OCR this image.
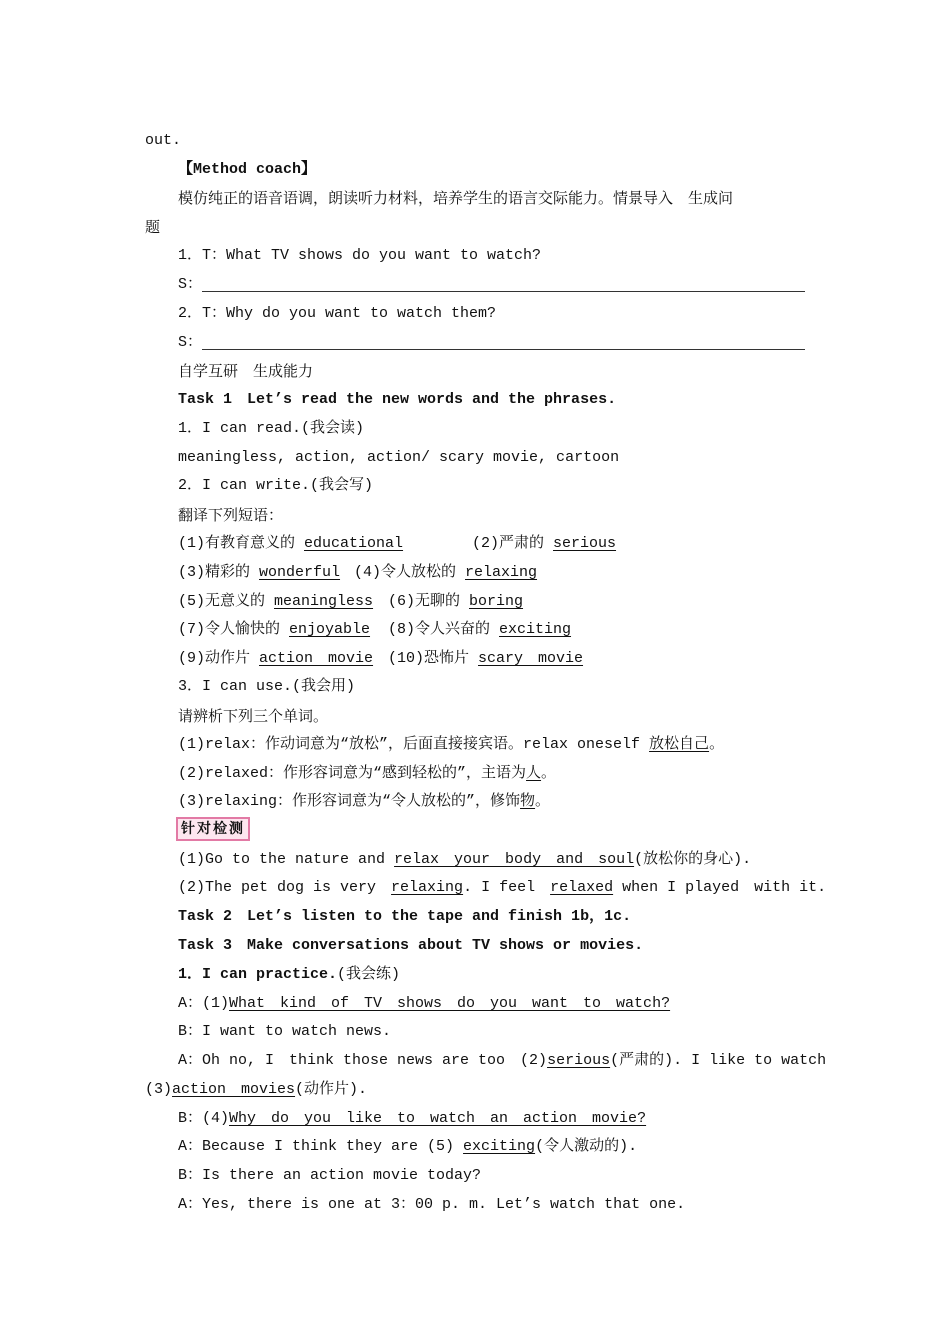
out.
【Method coach】
模仿纯正的语音语调，朗读听力材料，培养学生的语言交际能力。情景导入　生成问
题
1．T：What TV shows do you want to watch?
S：
2．T：Why do you want to watch them?
S：
自学互研　生成能力
Task 1　Let’s read the new words and the phrases.
1．I can read.(我会读)
meaningless, action, action/ scary movie, cartoon
2．I can write.(我会写)
翻译下列短语：
(1)有教育意义的 educational	(2)严肃的 serious
(3)精彩的 wonderful (4)令人放松的 relaxing
(5)无意义的 meaningless (6)无聊的 boring
(7)令人愉快的 enjoyable (8)令人兴奋的 exciting
(9)动作片 action　movie (10)恐怖片 scary　movie
3．I can use.(我会用)
请辨析下列三个单词。
(1)relax：作动词意为“放松”，后面直接接宾语。relax oneself 放松自己。
(2)relaxed：作形容词意为“感到轻松的”，主语为人。
(3)relaxing：作形容词意为“令人放松的”，修饰物。
针对检测
(1)Go to the nature and relax　your　body　and　soul(放松你的身心).
(2)The pet dog is very　relaxing. I feel　relaxed when I played　with it.
Task 2　Let’s listen to the tape and finish 1b，1c.
Task 3　Make conversations about TV shows or movies.
1．I can practice.(我会练)
A：(1)What　kind　of　TV　shows　do　you　want　to　watch?
B：I want to watch news.
A：Oh no, I　think those news are too　(2)serious(严肃的). I like to watch
(3)action　movies(动作片).
B：(4)Why　do　you　like　to　watch　an　action　movie?
A：Because I think they are (5) exciting(令人激动的).
B：Is there an action movie today?
A：Yes, there is one at 3：00 p. m. Let’s watch that one.
